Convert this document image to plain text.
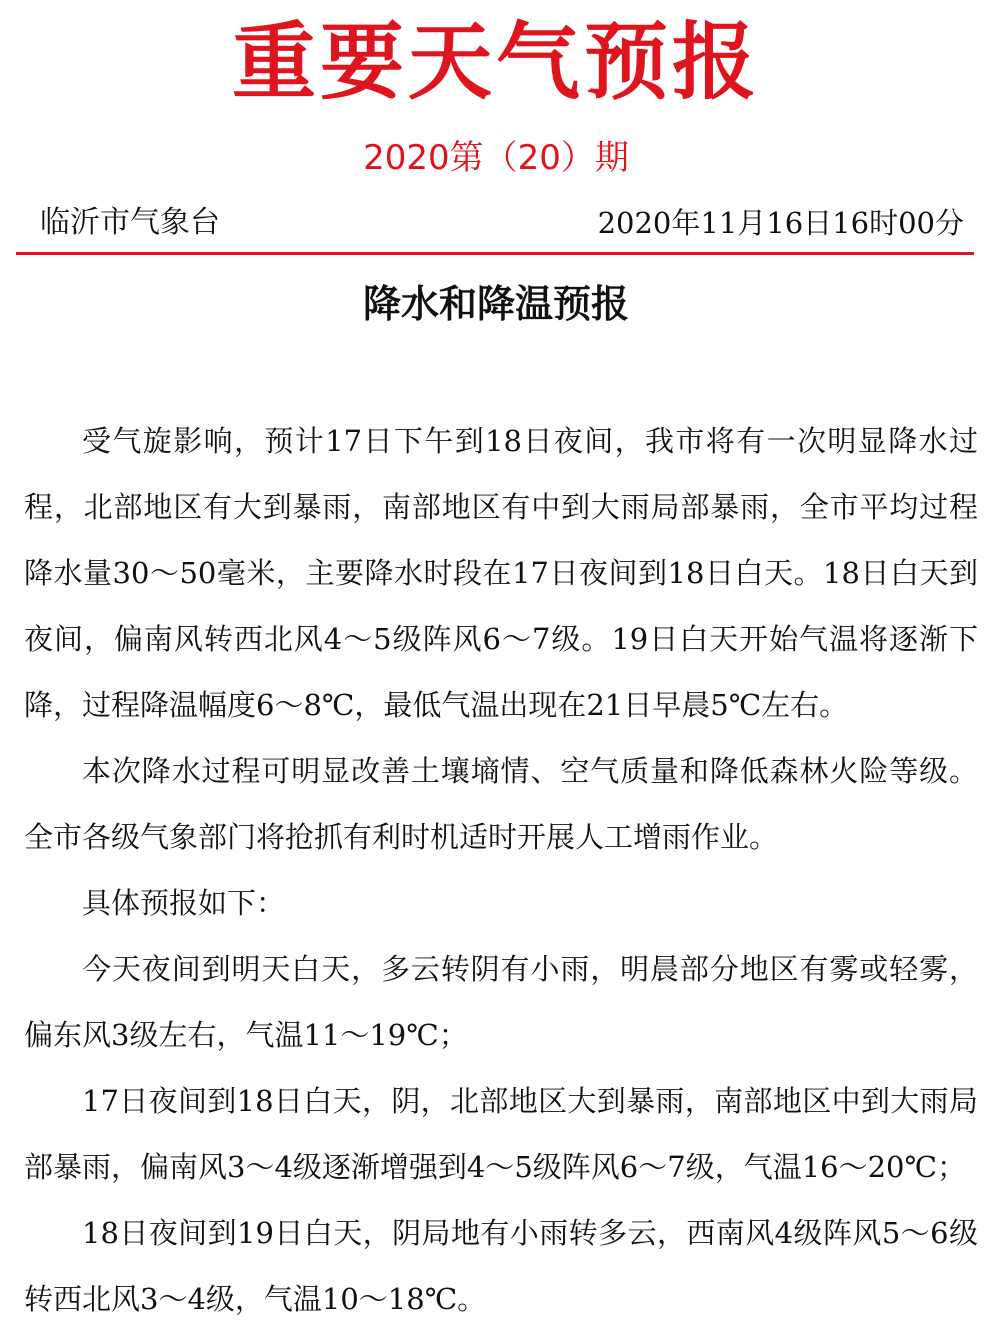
重要天气预报
2020第（20）期
临沂市气象台	2020年11月16日16时00分
降水和降温预报

受气旋影响，预计17日下午到18日夜间，我市将有一次明显降水过程，北部地区有大到暴雨，南部地区有中到大雨局部暴雨，全市平均过程降水量30～50毫米，主要降水时段在17日夜间到18日白天。18日白天到夜间，偏南风转西北风4～5级阵风6～7级。19日白天开始气温将逐渐下降，过程降温幅度6～8℃，最低气温出现在21日早晨5℃左右。

本次降水过程可明显改善土壤墒情、空气质量和降低森林火险等级。全市各级气象部门将抢抓有利时机适时开展人工增雨作业。

具体预报如下：

今天夜间到明天白天，多云转阴有小雨，明晨部分地区有雾或轻雾，偏东风3级左右，气温11～19℃；

17日夜间到18日白天，阴，北部地区大到暴雨，南部地区中到大雨局部暴雨，偏南风3～4级逐渐增强到4～5级阵风6～7级，气温16～20℃；

18日夜间到19日白天，阴局地有小雨转多云，西南风4级阵风5～6级转西北风3～4级，气温10～18℃。
